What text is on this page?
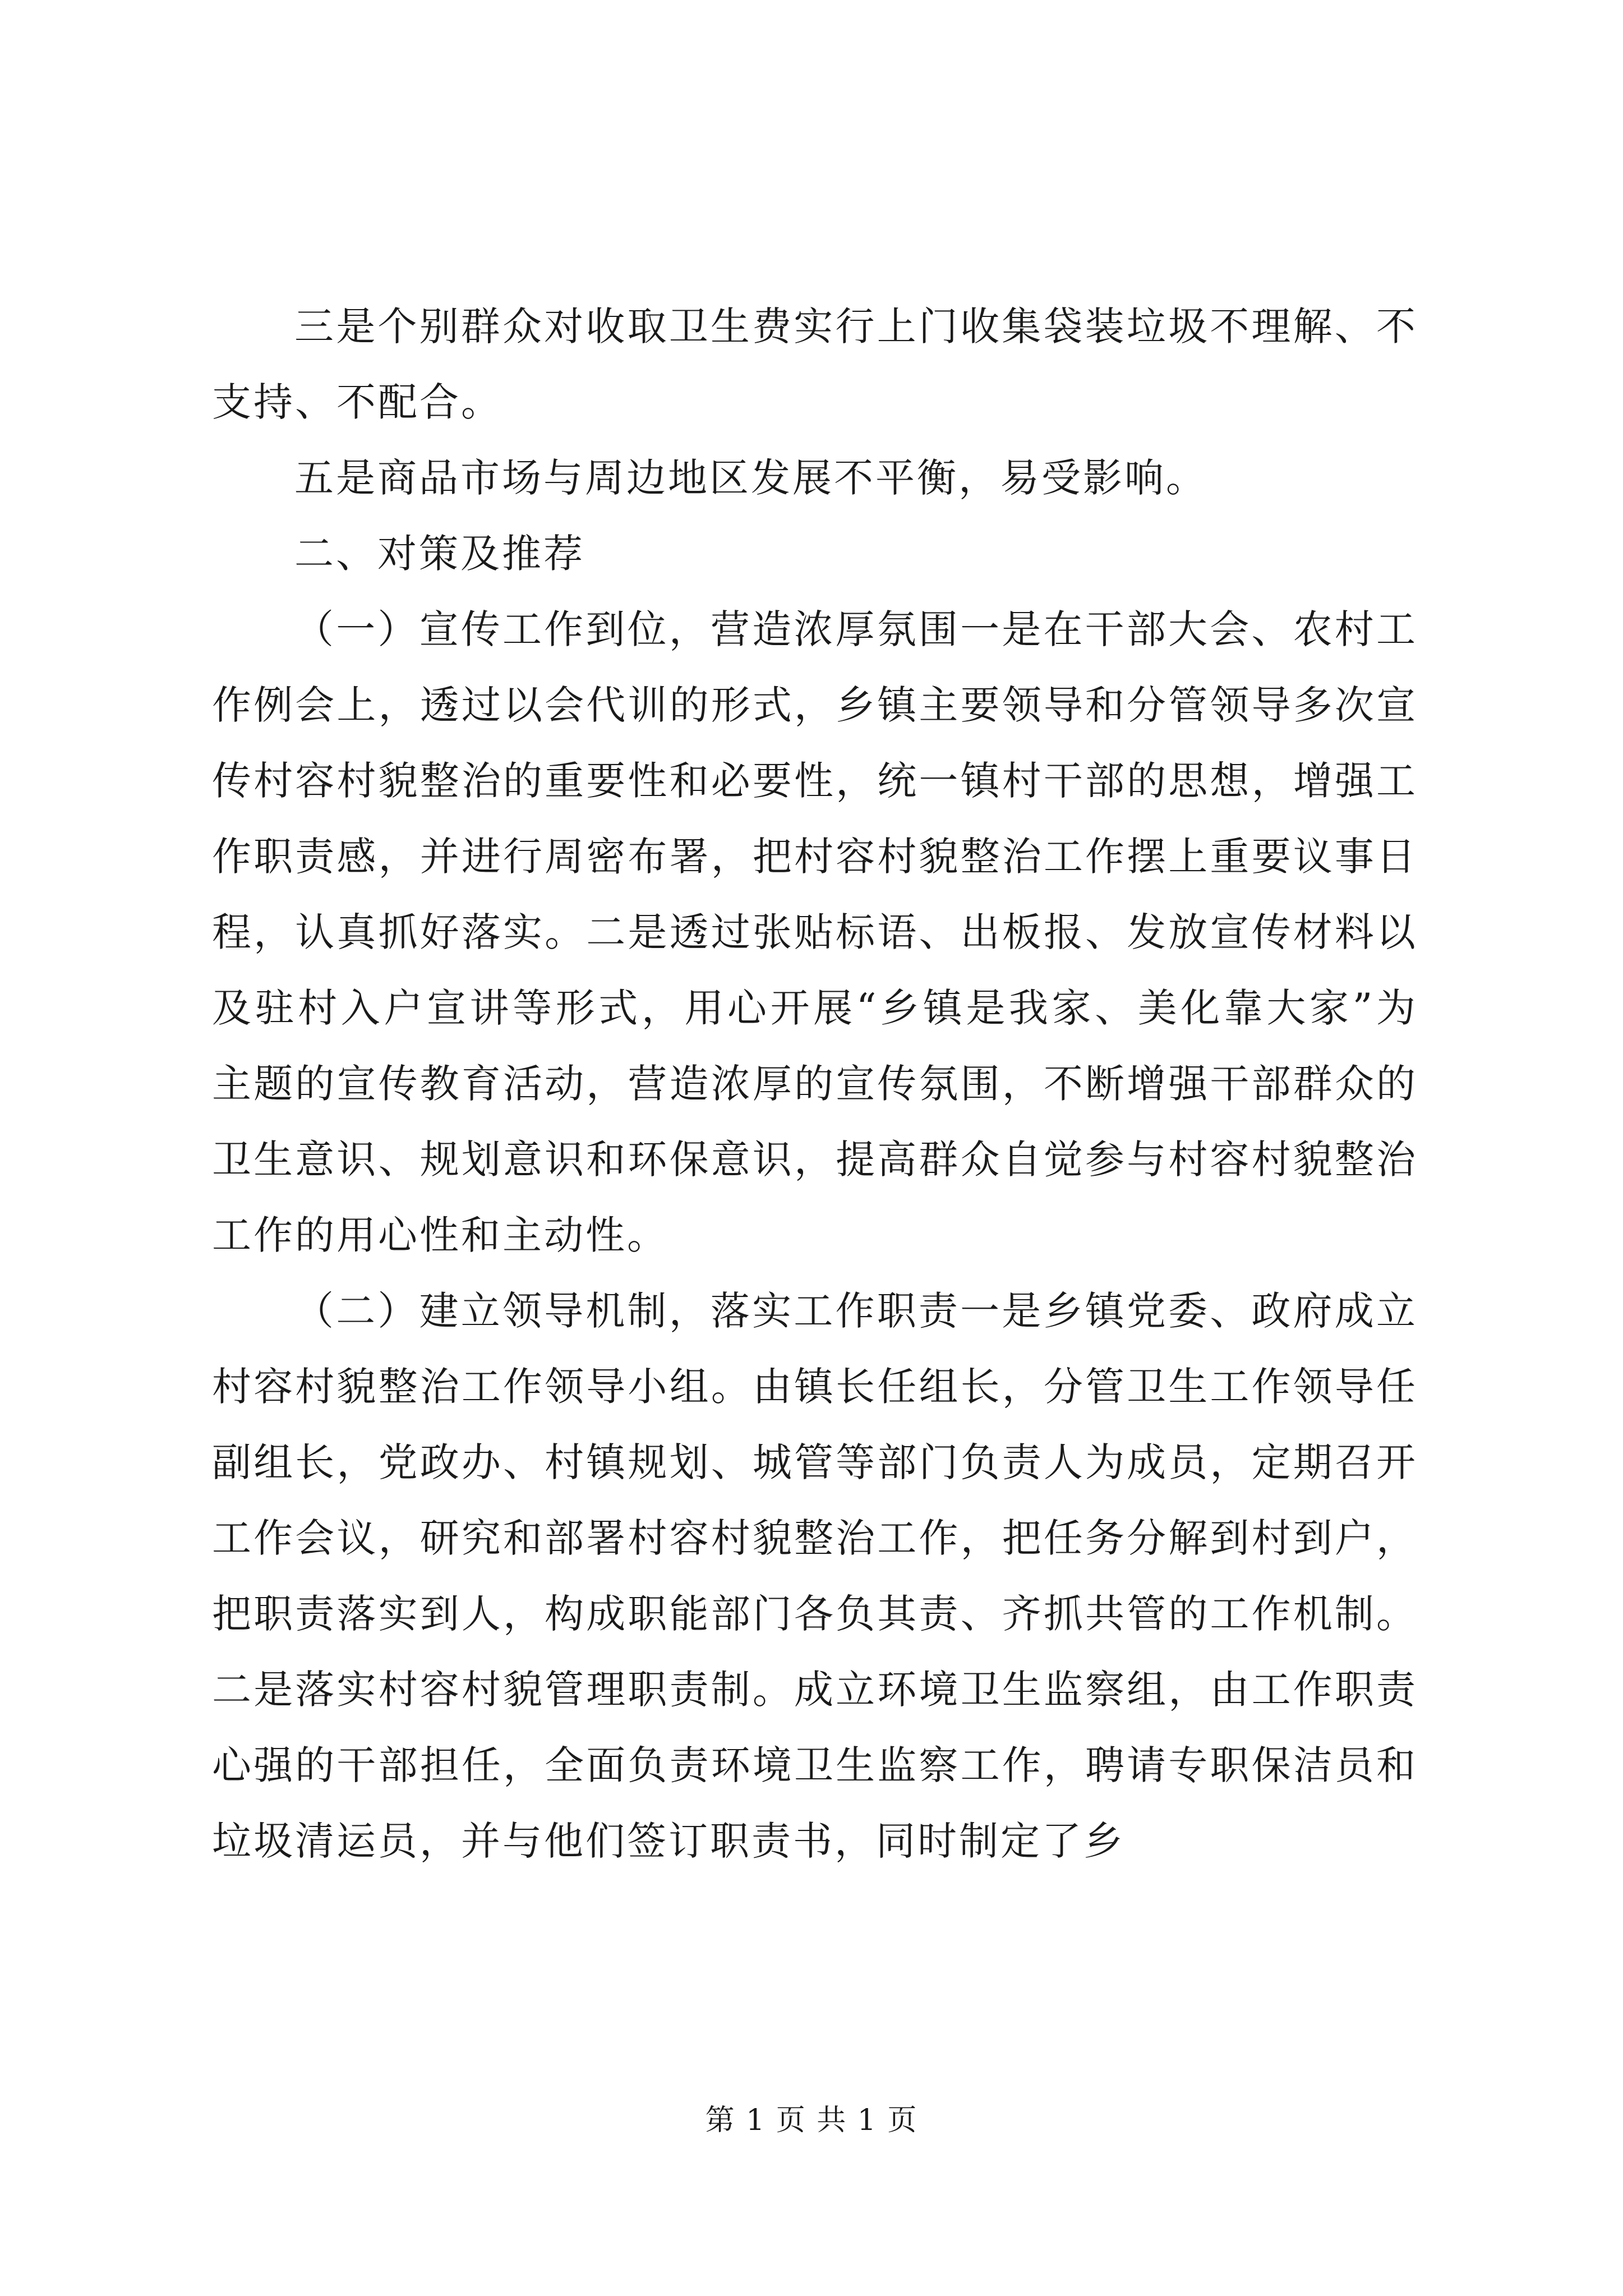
三是个别群众对收取卫生费实行上门收集袋装垃圾不理解、不支持、不配合。

五是商品市场与周边地区发展不平衡，易受影响。

二、对策及推荐

（一）宣传工作到位，营造浓厚氛围一是在干部大会、农村工作例会上，透过以会代训的形式，乡镇主要领导和分管领导多次宣传村容村貌整治的重要性和必要性，统一镇村干部的思想，增强工作职责感，并进行周密布署，把村容村貌整治工作摆上重要议事日程，认真抓好落实。二是透过张贴标语、出板报、发放宣传材料以及驻村入户宣讲等形式，用心开展“乡镇是我家、美化靠大家”为主题的宣传教育活动，营造浓厚的宣传氛围，不断增强干部群众的卫生意识、规划意识和环保意识，提高群众自觉参与村容村貌整治工作的用心性和主动性。

（二）建立领导机制，落实工作职责一是乡镇党委、政府成立村容村貌整治工作领导小组。由镇长任组长，分管卫生工作领导任副组长，党政办、村镇规划、城管等部门负责人为成员，定期召开工作会议，研究和部署村容村貌整治工作，把任务分解到村到户，把职责落实到人，构成职能部门各负其责、齐抓共管的工作机制。二是落实村容村貌管理职责制。成立环境卫生监察组，由工作职责心强的干部担任，全面负责环境卫生监察工作，聘请专职保洁员和垃圾清运员，并与他们签订职责书，同时制定了乡

第 1 页 共 1 页
